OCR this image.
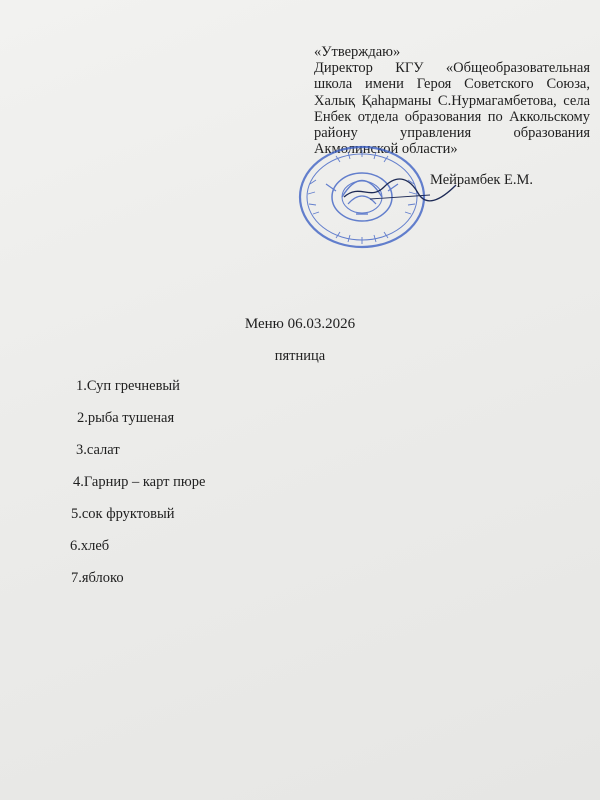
«Утверждаю»
Директор КГУ «Общеобразовательная
школа имени Героя Советского Союза,
Халық Қаһарманы С.Нурмагамбетова, села
Енбек отдела образования по Аккольскому
району управления образования
Акмолинской области»
Мейрамбек Е.М.
Меню 06.03.2026
пятница
1.Суп гречневый
2.рыба тушеная
3.салат
4.Гарнир – карт пюре
5.сок фруктовый
6.хлеб
7.яблоко
